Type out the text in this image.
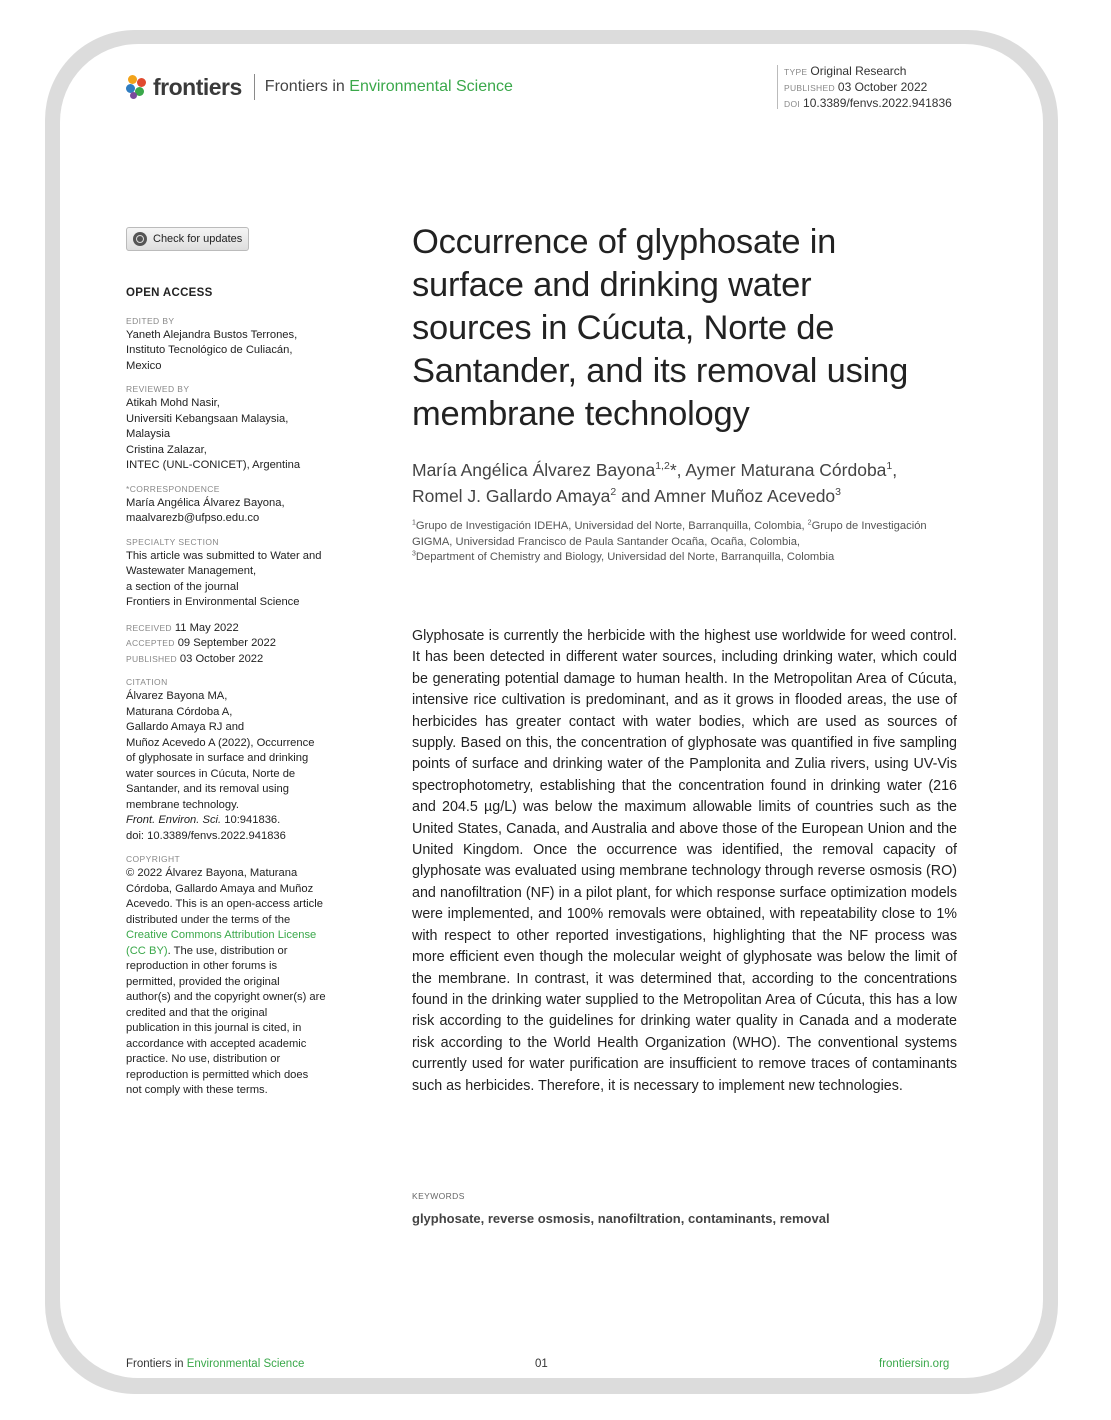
frontiers Frontiers in Environmental Science
TYPE Original Research
PUBLISHED 03 October 2022
DOI 10.3389/fenvs.2022.941836
Check for updates
OPEN ACCESS
EDITED BY
Yaneth Alejandra Bustos Terrones,
Instituto Tecnológico de Culiacán,
Mexico
REVIEWED BY
Atikah Mohd Nasir,
Universiti Kebangsaan Malaysia,
Malaysia
Cristina Zalazar,
INTEC (UNL-CONICET), Argentina
*CORRESPONDENCE
María Angélica Álvarez Bayona,
maalvarezb@ufpso.edu.co
SPECIALTY SECTION
This article was submitted to Water and
Wastewater Management,
a section of the journal
Frontiers in Environmental Science
RECEIVED 11 May 2022
ACCEPTED 09 September 2022
PUBLISHED 03 October 2022
CITATION
Álvarez Bayona MA,
Maturana Córdoba A,
Gallardo Amaya RJ and
Muñoz Acevedo A (2022), Occurrence
of glyphosate in surface and drinking
water sources in Cúcuta, Norte de
Santander, and its removal using
membrane technology.
Front. Environ. Sci. 10:941836.
doi: 10.3389/fenvs.2022.941836
COPYRIGHT
© 2022 Álvarez Bayona, Maturana
Córdoba, Gallardo Amaya and Muñoz
Acevedo. This is an open-access article
distributed under the terms of the
Creative Commons Attribution License
(CC BY). The use, distribution or
reproduction in other forums is
permitted, provided the original
author(s) and the copyright owner(s) are
credited and that the original
publication in this journal is cited, in
accordance with accepted academic
practice. No use, distribution or
reproduction is permitted which does
not comply with these terms.
Occurrence of glyphosate in
surface and drinking water
sources in Cúcuta, Norte de
Santander, and its removal using
membrane technology
María Angélica Álvarez Bayona$^{1,2}$*, Aymer Maturana Córdoba$^1$,
Romel J. Gallardo Amaya$^2$ and Amner Muñoz Acevedo$^3$
$^1$Grupo de Investigación IDEHA, Universidad del Norte, Barranquilla, Colombia, $^2$Grupo de Investigación GIGMA, Universidad Francisco de Paula Santander Ocaña, Ocaña, Colombia,
$^3$Department of Chemistry and Biology, Universidad del Norte, Barranquilla, Colombia

Glyphosate is currently the herbicide with the highest use worldwide for weed control. It has been detected in different water sources, including drinking water, which could be generating potential damage to human health. In the Metropolitan Area of Cúcuta, intensive rice cultivation is predominant, and as it grows in flooded areas, the use of herbicides has greater contact with water bodies, which are used as sources of supply. Based on this, the concentration of glyphosate was quantified in five sampling points of surface and drinking water of the Pamplonita and Zulia rivers, using UV-Vis spectrophotometry, establishing that the concentration found in drinking water (216 and 204.5 µg/L) was below the maximum allowable limits of countries such as the United States, Canada, and Australia and above those of the European Union and the United Kingdom. Once the occurrence was identified, the removal capacity of glyphosate was evaluated using membrane technology through reverse osmosis (RO) and nanofiltration (NF) in a pilot plant, for which response surface optimization models were implemented, and 100% removals were obtained, with repeatability close to 1% with respect to other reported investigations, highlighting that the NF process was more efficient even though the molecular weight of glyphosate was below the limit of the membrane. In contrast, it was determined that, according to the concentrations found in the drinking water supplied to the Metropolitan Area of Cúcuta, this has a low risk according to the guidelines for drinking water quality in Canada and a moderate risk according to the World Health Organization (WHO). The conventional systems currently used for water purification are insufficient to remove traces of contaminants such as herbicides. Therefore, it is necessary to implement new technologies.

KEYWORDS
glyphosate, reverse osmosis, nanofiltration, contaminants, removal
Frontiers in Environmental Science	01	frontiersin.org
